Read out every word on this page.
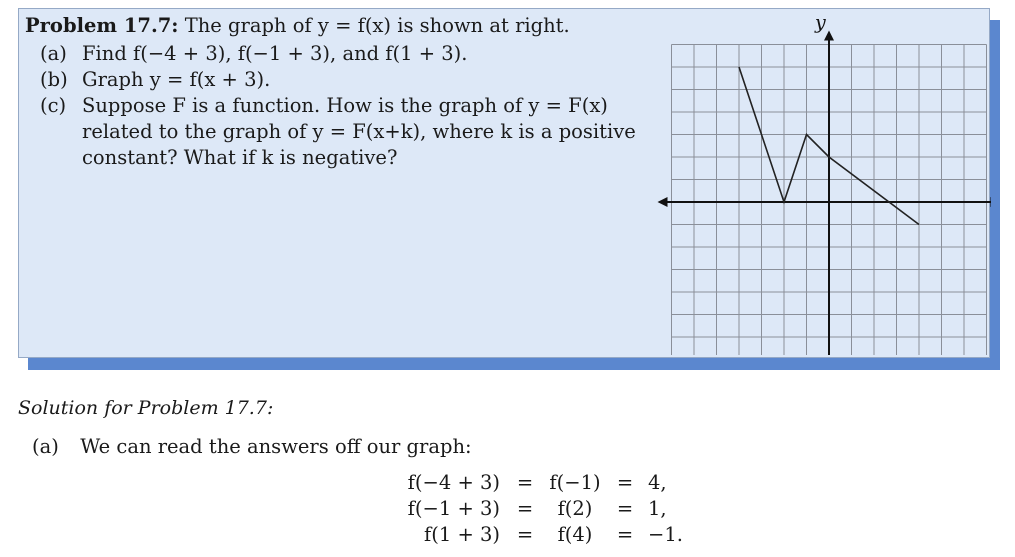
Problem 17.7: The graph of y = f(x) is shown at right.
(a) Find f(−4 + 3), f(−1 + 3), and f(1 + 3).
(b) Graph y = f(x + 3).
(c) Suppose F is a function. How is the graph of y = F(x)
related to the graph of y = F(x+k), where k is a positive
constant? What if k is negative?
y
Solution for Problem 17.7:
(a) We can read the answers off our graph:
f(−4 + 3) = f(−1) = 4,
f(−1 + 3) =	f(2)	= 1,
f(1 + 3) =	f(4)	= −1.
